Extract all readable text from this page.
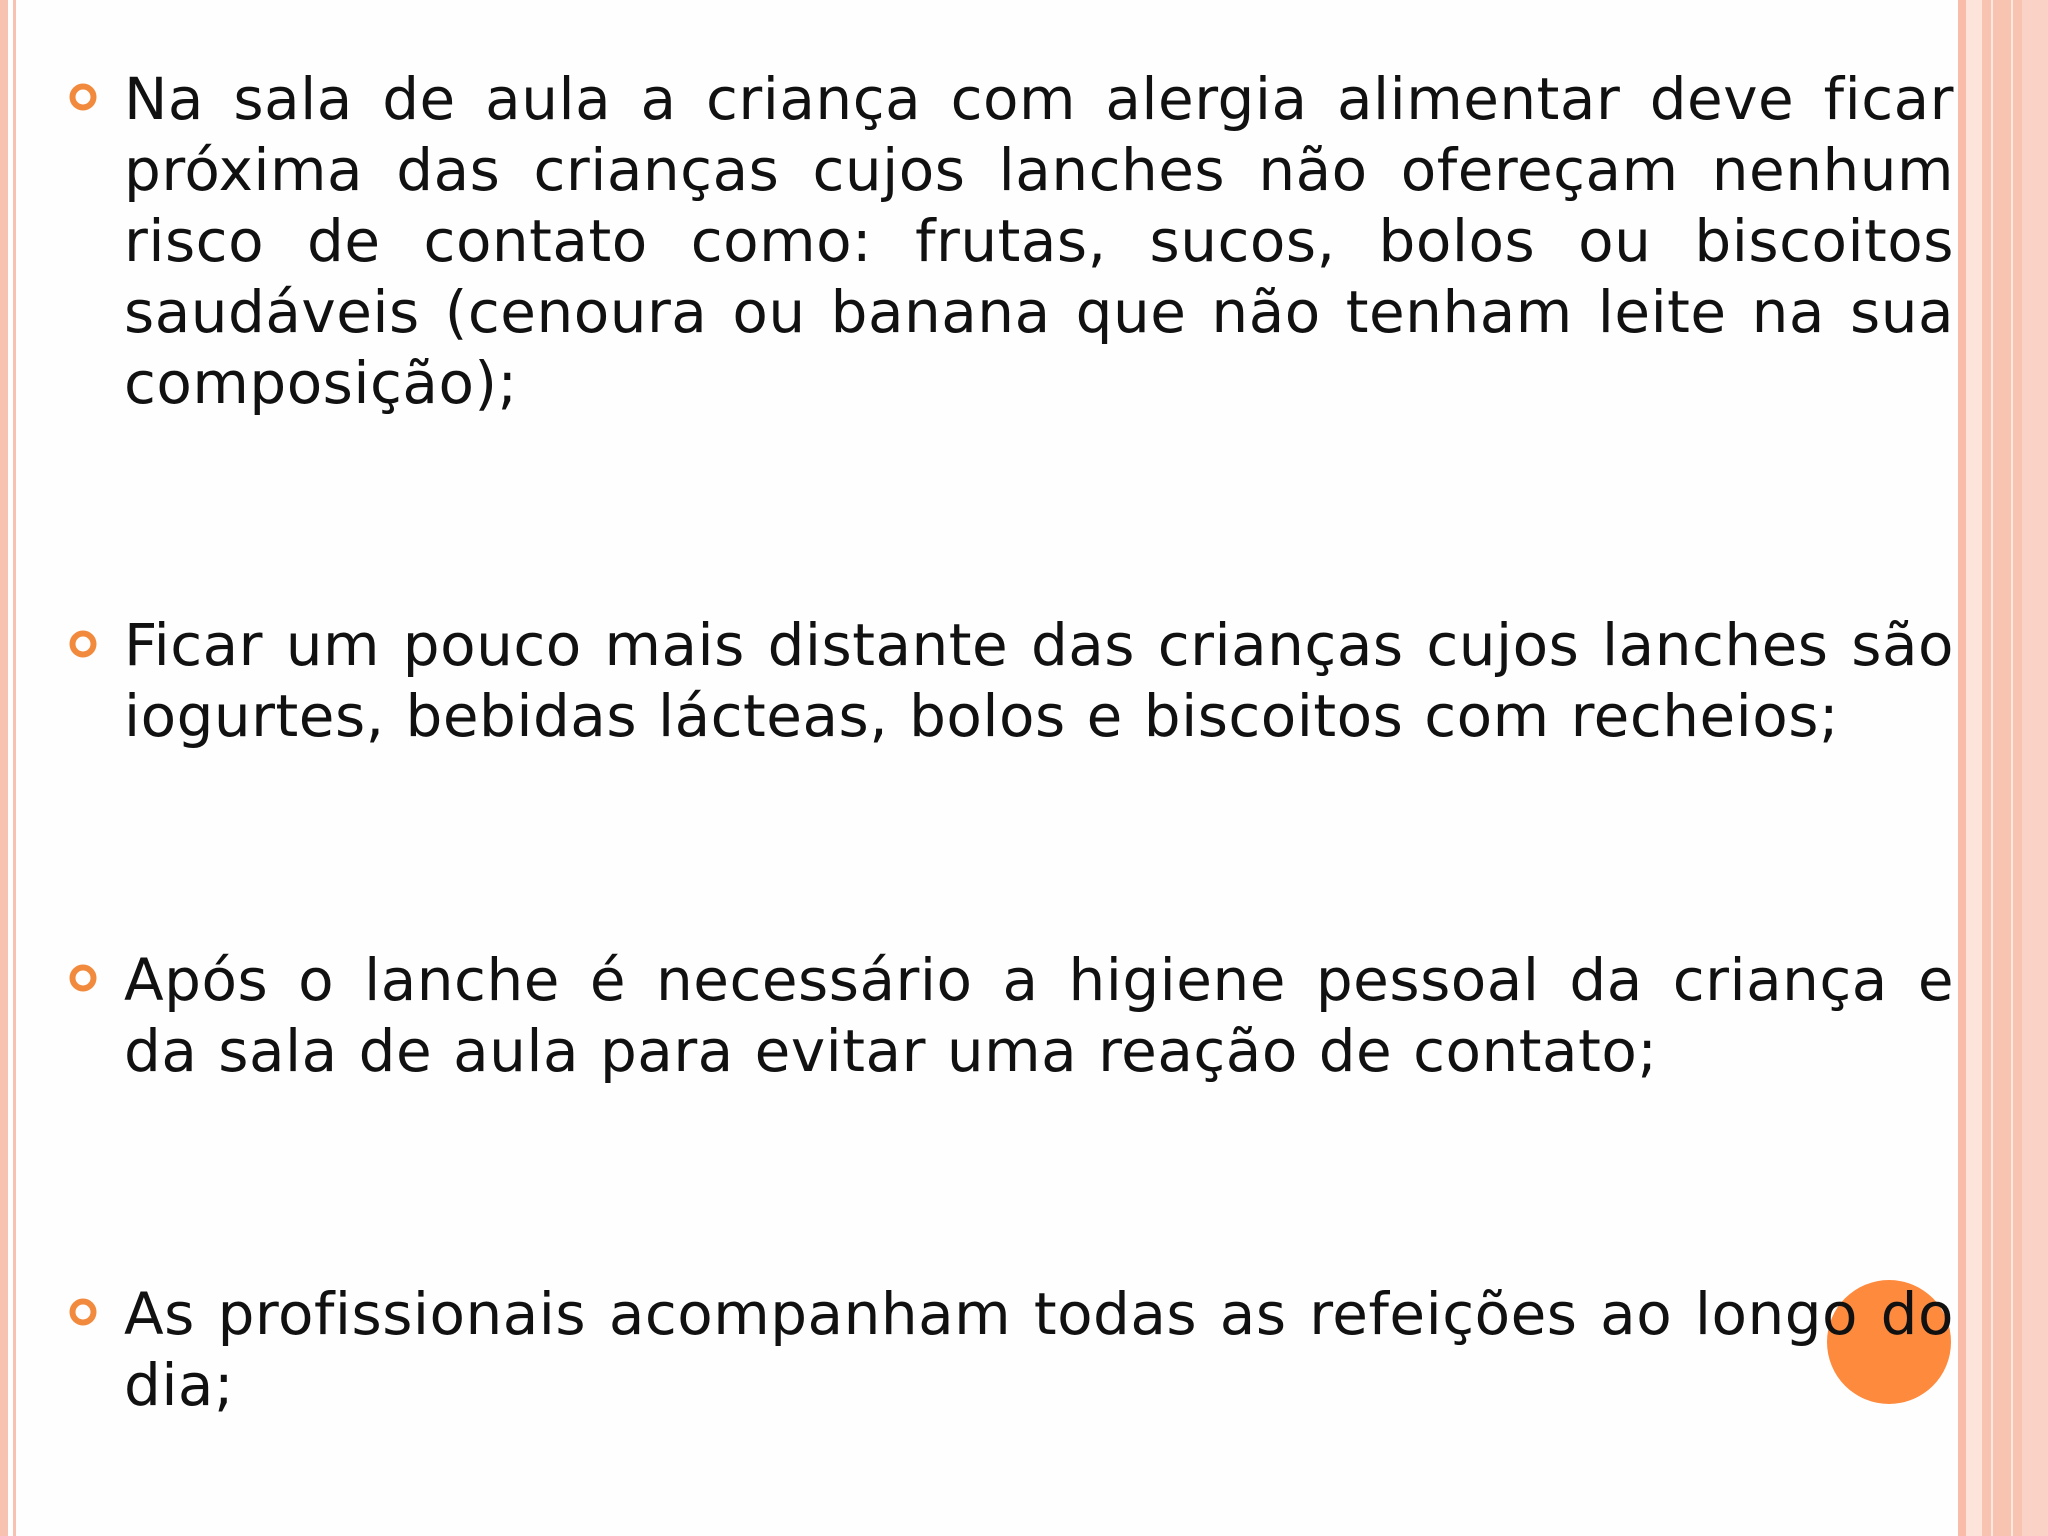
Na sala de aula a criança com alergia alimentar deve ficar próxima das crianças cujos lanches não ofereçam nenhum risco de contato como: frutas, sucos, bolos ou biscoitos saudáveis (cenoura ou banana que não tenham leite na sua composição);
Ficar um pouco mais distante das crianças cujos lanches são iogurtes, bebidas lácteas, bolos e biscoitos com recheios;
Após o lanche é necessário a higiene pessoal da criança e da sala de aula para evitar uma reação de contato;
As profissionais acompanham todas as refeições ao longo do dia;
